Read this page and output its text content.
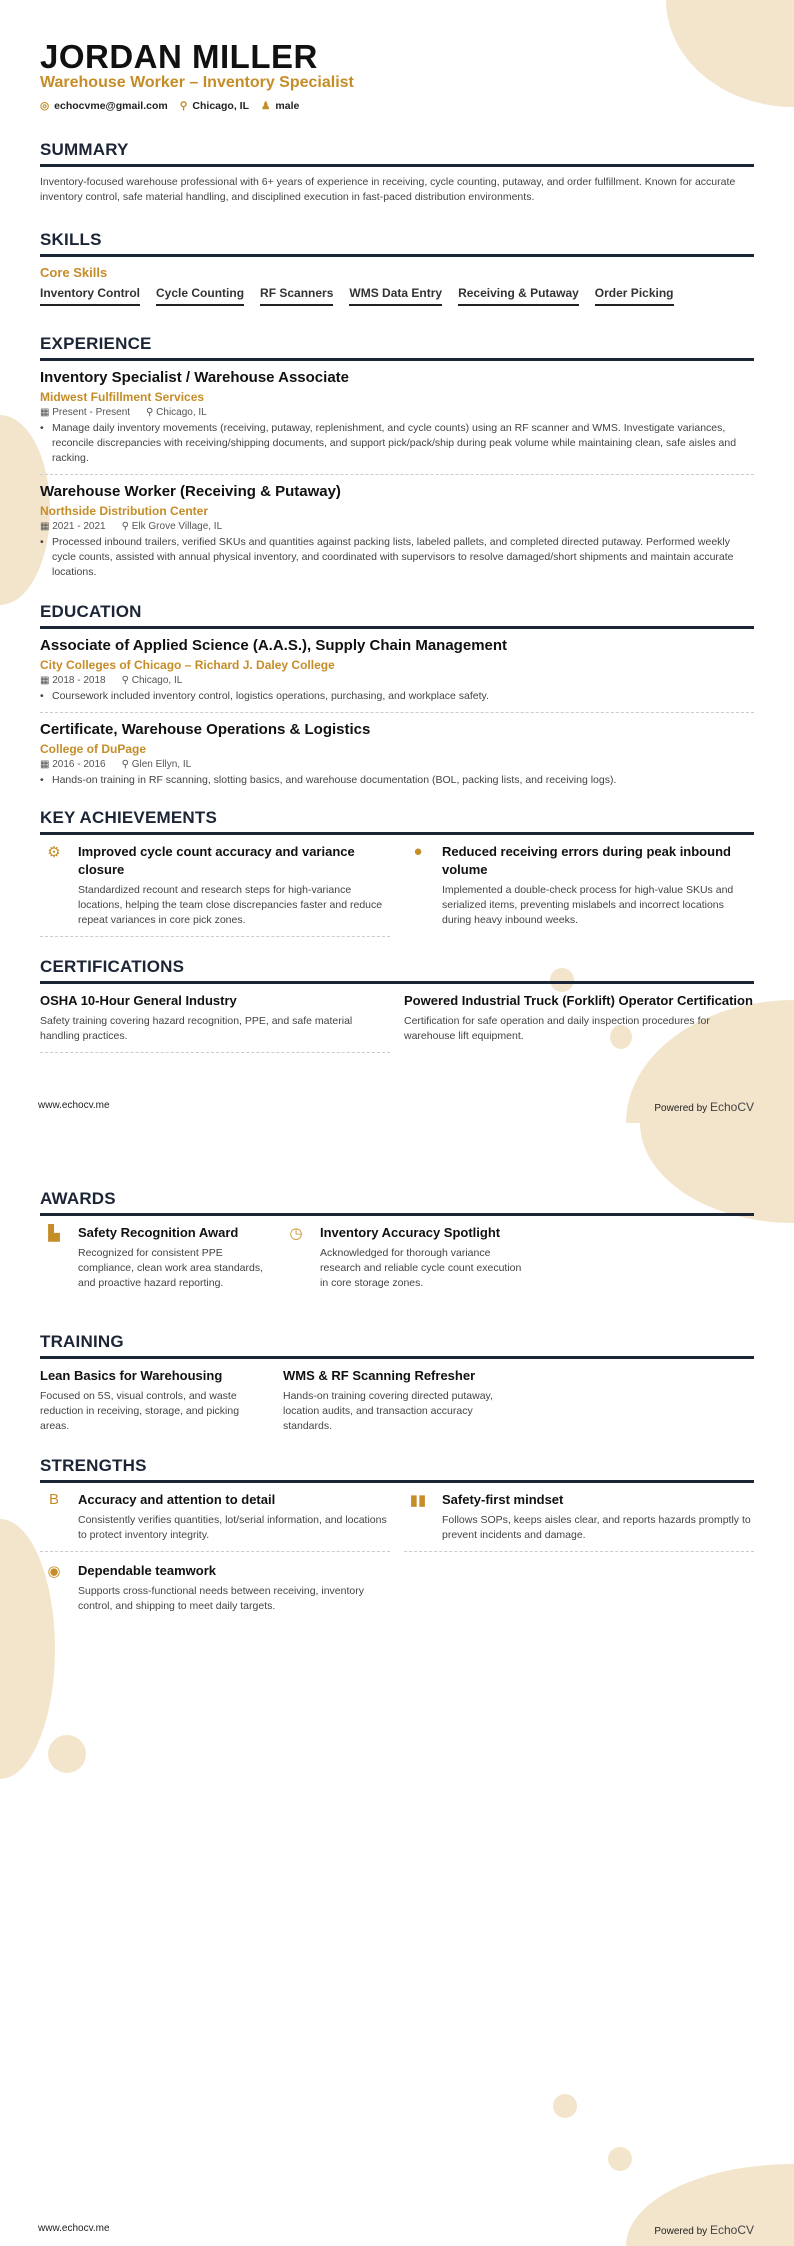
JORDAN MILLER
Warehouse Worker – Inventory Specialist
◎ echocvme@gmail.com ⚲ Chicago, IL ♟ male
SUMMARY
Inventory-focused warehouse professional with 6+ years of experience in receiving, cycle counting, putaway, and order fulfillment. Known for accurate inventory control, safe material handling, and disciplined execution in fast-paced distribution environments.
SKILLS
Core Skills
Inventory Control Cycle Counting RF Scanners WMS Data Entry Receiving & Putaway Order Picking
EXPERIENCE
Inventory Specialist / Warehouse Associate
Midwest Fulfillment Services
▦ Present - Present ⚲ Chicago, IL
• Manage daily inventory movements (receiving, putaway, replenishment, and cycle counts) using an RF scanner and WMS. Investigate variances, reconcile discrepancies with receiving/shipping documents, and support pick/pack/ship during peak volume while maintaining clean, safe aisles and racking.
Warehouse Worker (Receiving & Putaway)
Northside Distribution Center
▦ 2021 - 2021 ⚲ Elk Grove Village, IL
• Processed inbound trailers, verified SKUs and quantities against packing lists, labeled pallets, and completed directed putaway. Performed weekly cycle counts, assisted with annual physical inventory, and coordinated with supervisors to resolve damaged/short shipments and maintain accurate locations.
EDUCATION
Associate of Applied Science (A.A.S.), Supply Chain Management
City Colleges of Chicago – Richard J. Daley College
▦ 2018 - 2018 ⚲ Chicago, IL
• Coursework included inventory control, logistics operations, purchasing, and workplace safety.
Certificate, Warehouse Operations & Logistics
College of DuPage
▦ 2016 - 2016 ⚲ Glen Ellyn, IL
• Hands-on training in RF scanning, slotting basics, and warehouse documentation (BOL, packing lists, and receiving logs).
KEY ACHIEVEMENTS
⚙ Improved cycle count accuracy and variance closure
Standardized recount and research steps for high-variance locations, helping the team close discrepancies faster and reduce repeat variances in core pick zones.
●	Reduced receiving errors during peak inbound volume
Implemented a double-check process for high-value SKUs and serialized items, preventing mislabels and incorrect locations during heavy inbound weeks.
CERTIFICATIONS
OSHA 10-Hour General Industry
Safety training covering hazard recognition, PPE, and safe material handling practices.
Powered Industrial Truck (Forklift) Operator Certification
Certification for safe operation and daily inspection procedures for warehouse lift equipment.
www.echocv.me	Powered by EchoCV
AWARDS
▙	Safety Recognition Award
Recognized for consistent PPE compliance, clean work area standards, and proactive hazard reporting.
◷ Inventory Accuracy Spotlight
Acknowledged for thorough variance research and reliable cycle count execution in core storage zones.
TRAINING
Lean Basics for Warehousing
Focused on 5S, visual controls, and waste reduction in receiving, storage, and picking areas.
WMS & RF Scanning Refresher
Hands-on training covering directed putaway, location audits, and transaction accuracy standards.
STRENGTHS
B	Accuracy and attention to detail
Consistently verifies quantities, lot/serial information, and locations to protect inventory integrity.
▮▮ Safety-first mindset
Follows SOPs, keeps aisles clear, and reports hazards promptly to prevent incidents and damage.
◉ Dependable teamwork
Supports cross-functional needs between receiving, inventory control, and shipping to meet daily targets.
www.echocv.me	Powered by EchoCV
